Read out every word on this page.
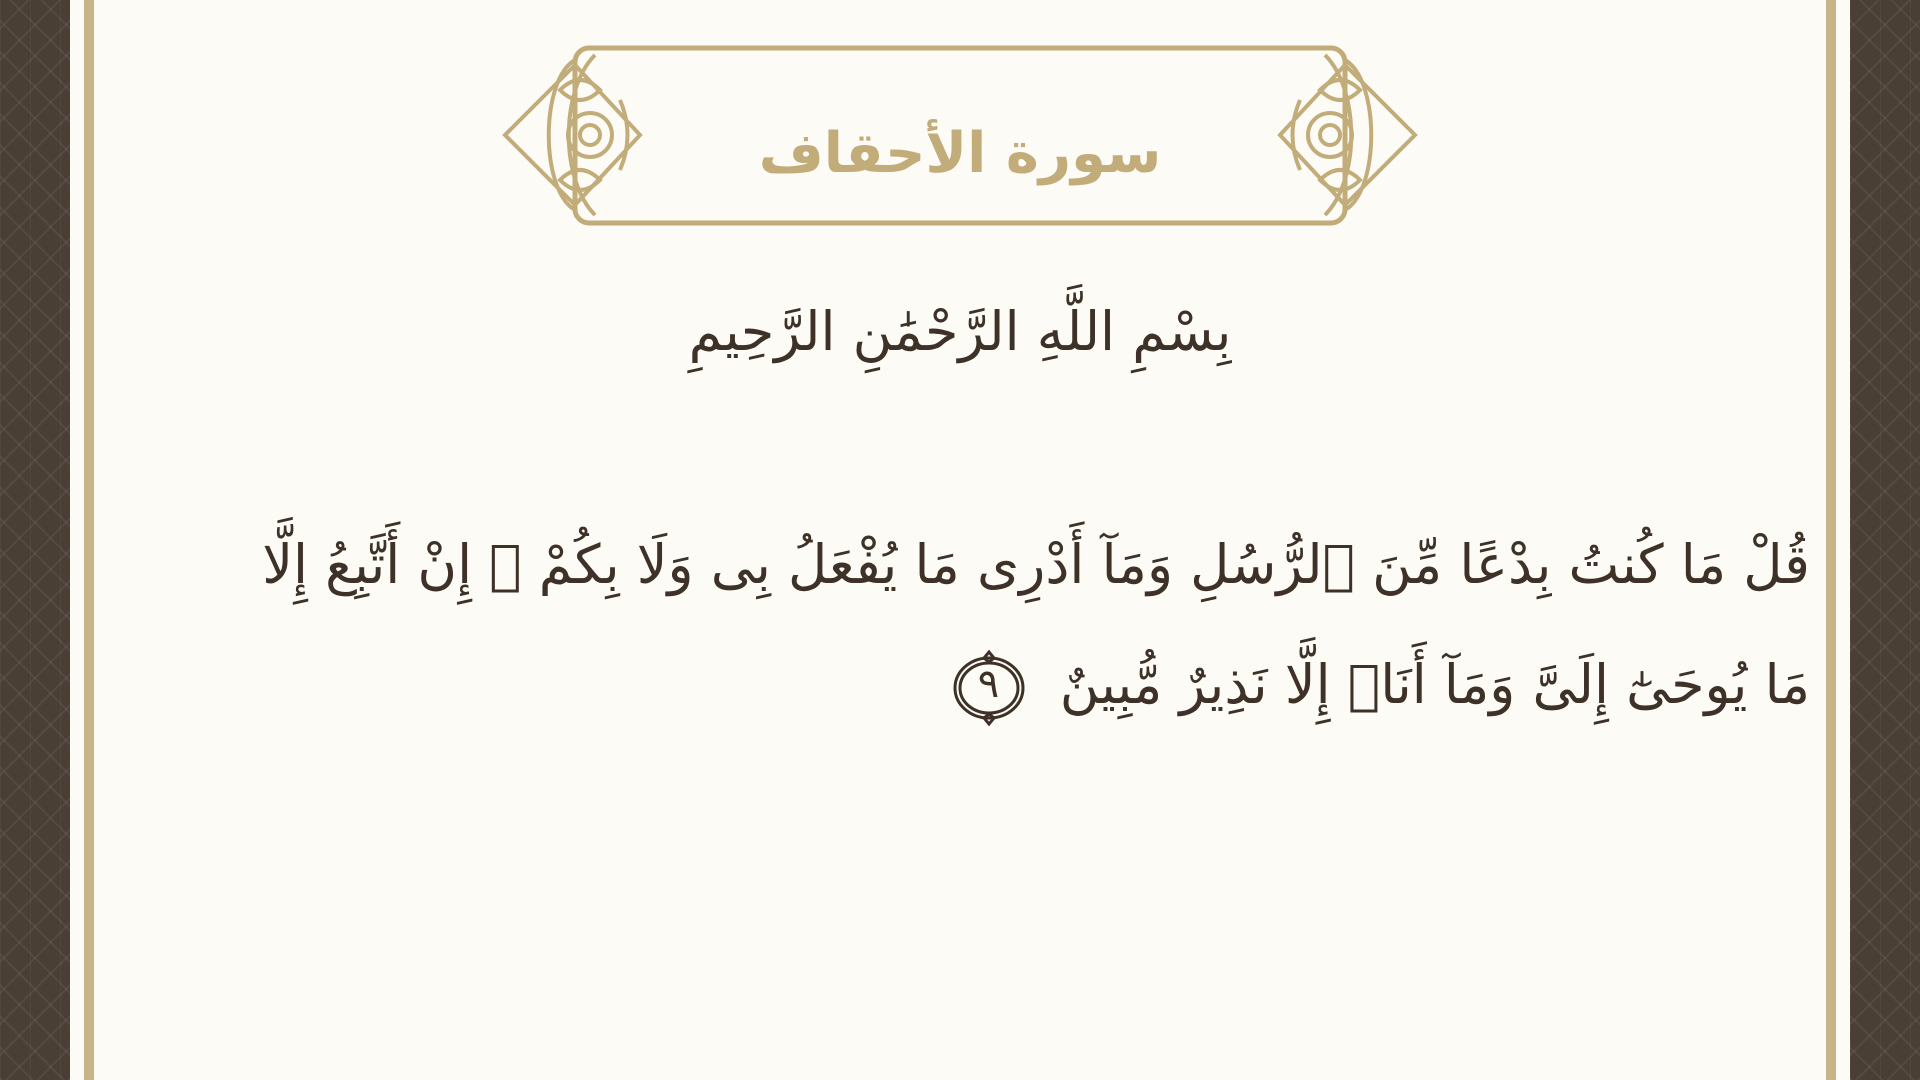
سورة الأحقاف
بِسْمِ اللَّهِ الرَّحْمَٰنِ الرَّحِيمِ
قُلْ مَا كُنتُ بِدْعًا مِّنَ ٱلرُّسُلِ وَمَآ أَدْرِى مَا يُفْعَلُ بِى وَلَا بِكُمْ ۖ إِنْ أَتَّبِعُ إِلَّا مَا يُوحَىٰٓ إِلَىَّ وَمَآ أَنَا۠ إِلَّا نَذِيرٌ مُّبِينٌ
٩
